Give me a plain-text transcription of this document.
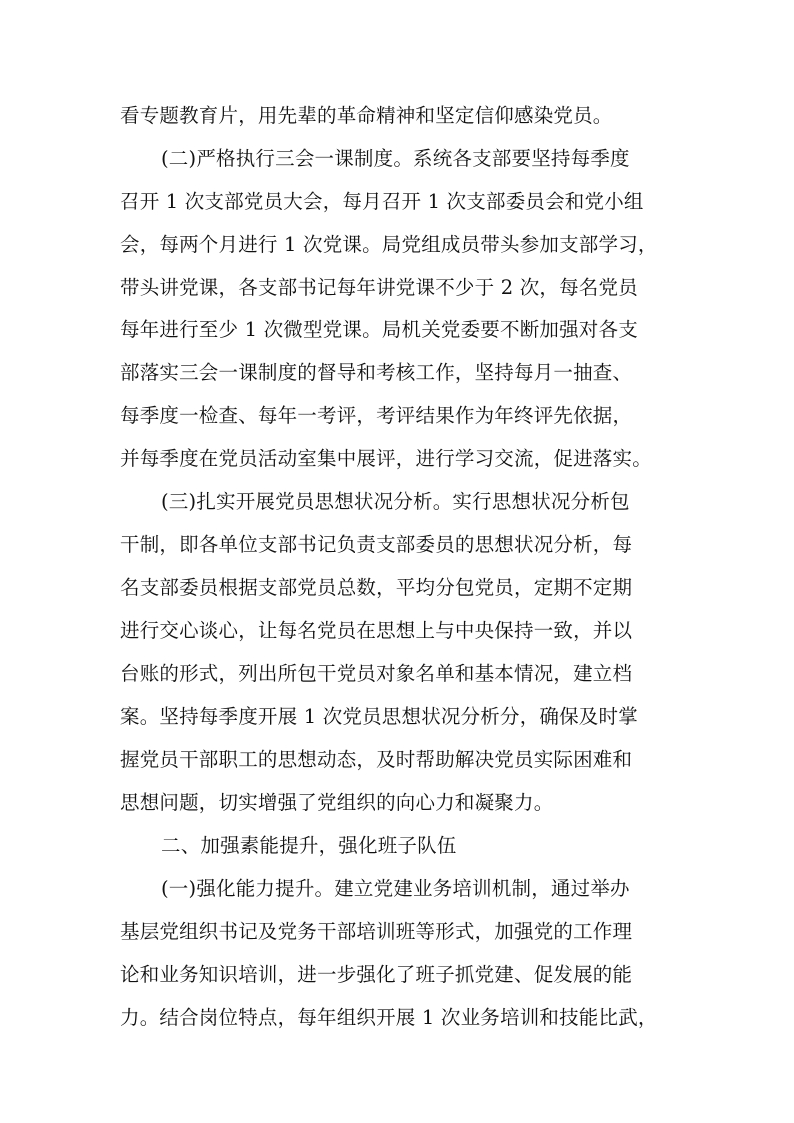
看专题教育片，用先辈的革命精神和坚定信仰感染党员。
(二)严格执行三会一课制度。系统各支部要坚持每季度
召开 1 次支部党员大会，每月召开 1 次支部委员会和党小组
会，每两个月进行 1 次党课。局党组成员带头参加支部学习，
带头讲党课，各支部书记每年讲党课不少于 2 次，每名党员
每年进行至少 1 次微型党课。局机关党委要不断加强对各支
部落实三会一课制度的督导和考核工作，坚持每月一抽查、
每季度一检查、每年一考评，考评结果作为年终评先依据，
并每季度在党员活动室集中展评，进行学习交流，促进落实。
(三)扎实开展党员思想状况分析。实行思想状况分析包
干制，即各单位支部书记负责支部委员的思想状况分析，每
名支部委员根据支部党员总数，平均分包党员，定期不定期
进行交心谈心，让每名党员在思想上与中央保持一致，并以
台账的形式，列出所包干党员对象名单和基本情况，建立档
案。坚持每季度开展 1 次党员思想状况分析分，确保及时掌
握党员干部职工的思想动态，及时帮助解决党员实际困难和
思想问题，切实增强了党组织的向心力和凝聚力。
二、加强素能提升，强化班子队伍
(一)强化能力提升。建立党建业务培训机制，通过举办
基层党组织书记及党务干部培训班等形式，加强党的工作理
论和业务知识培训，进一步强化了班子抓党建、促发展的能
力。结合岗位特点，每年组织开展 1 次业务培训和技能比武，
